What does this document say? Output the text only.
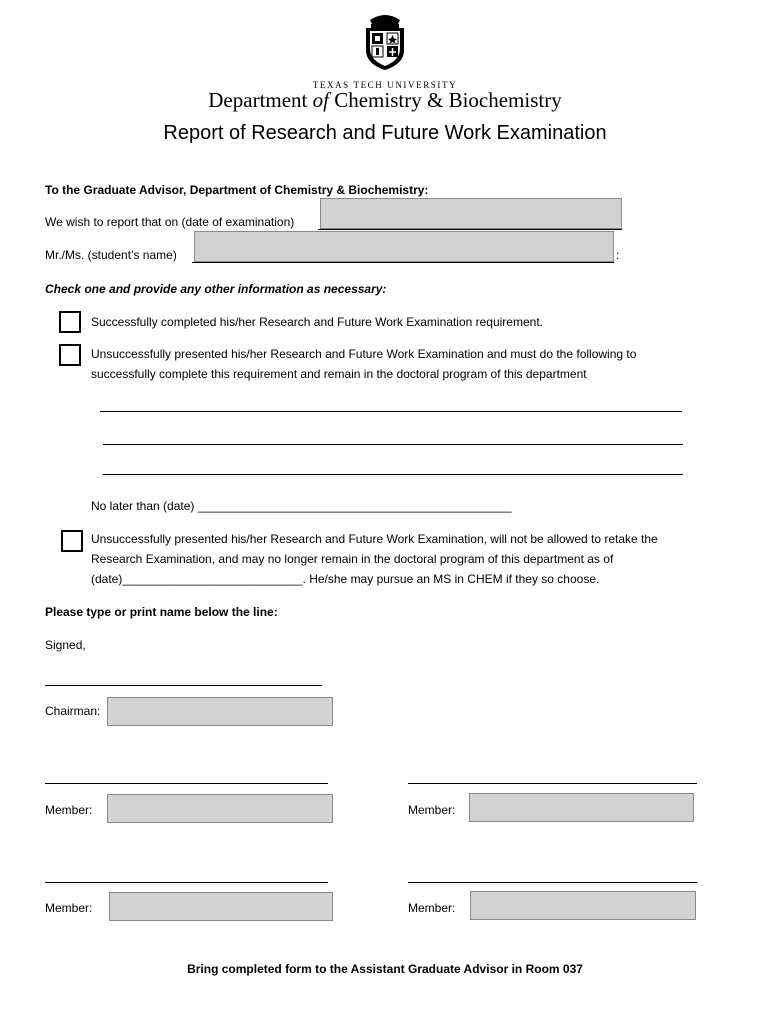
TEXAS TECH UNIVERSITY
Department of Chemistry & Biochemistry
Report of Research and Future Work Examination
To the Graduate Advisor, Department of Chemistry & Biochemistry:
We wish to report that on (date of examination)
Mr./Ms. (student’s name)	:
Check one and provide any other information as necessary:
Successfully completed his/her Research and Future Work Examination requirement.
Unsuccessfully presented his/her Research and Future Work Examination and must do the following to
successfully complete this requirement and remain in the doctoral program of this department
No later than (date) _______________________________________________
Unsuccessfully presented his/her Research and Future Work Examination, will not be allowed to retake the
Research Examination, and may no longer remain in the doctoral program of this department as of
(date)___________________________. He/she may pursue an MS in CHEM if they so choose.
Please type or print name below the line:
Signed,
Chairman:
Member:	Member:
Member:	Member:
Bring completed form to the Assistant Graduate Advisor in Room 037
